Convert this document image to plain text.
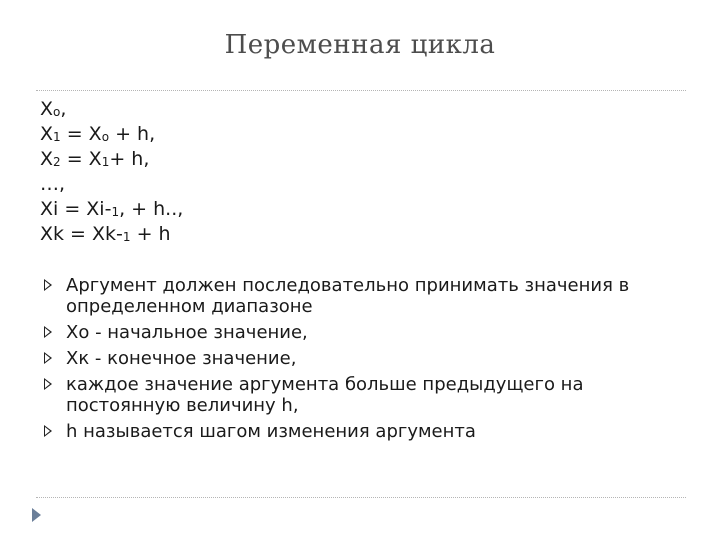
Переменная цикла
$X_o$,
$X_1 = X_o + h$,
$X_2 = X_1+ h$,
…,
$Xi = Xi-_1$, + h..,
$Xk = Xk-_1 + h$
Аргумент должен последовательно принимать значения в определенном диапазоне
Xo - начальное значение,
Xк - конечное значение,
каждое значение аргумента больше предыдущего на постоянную величину h,
h называется шагом изменения аргумента
